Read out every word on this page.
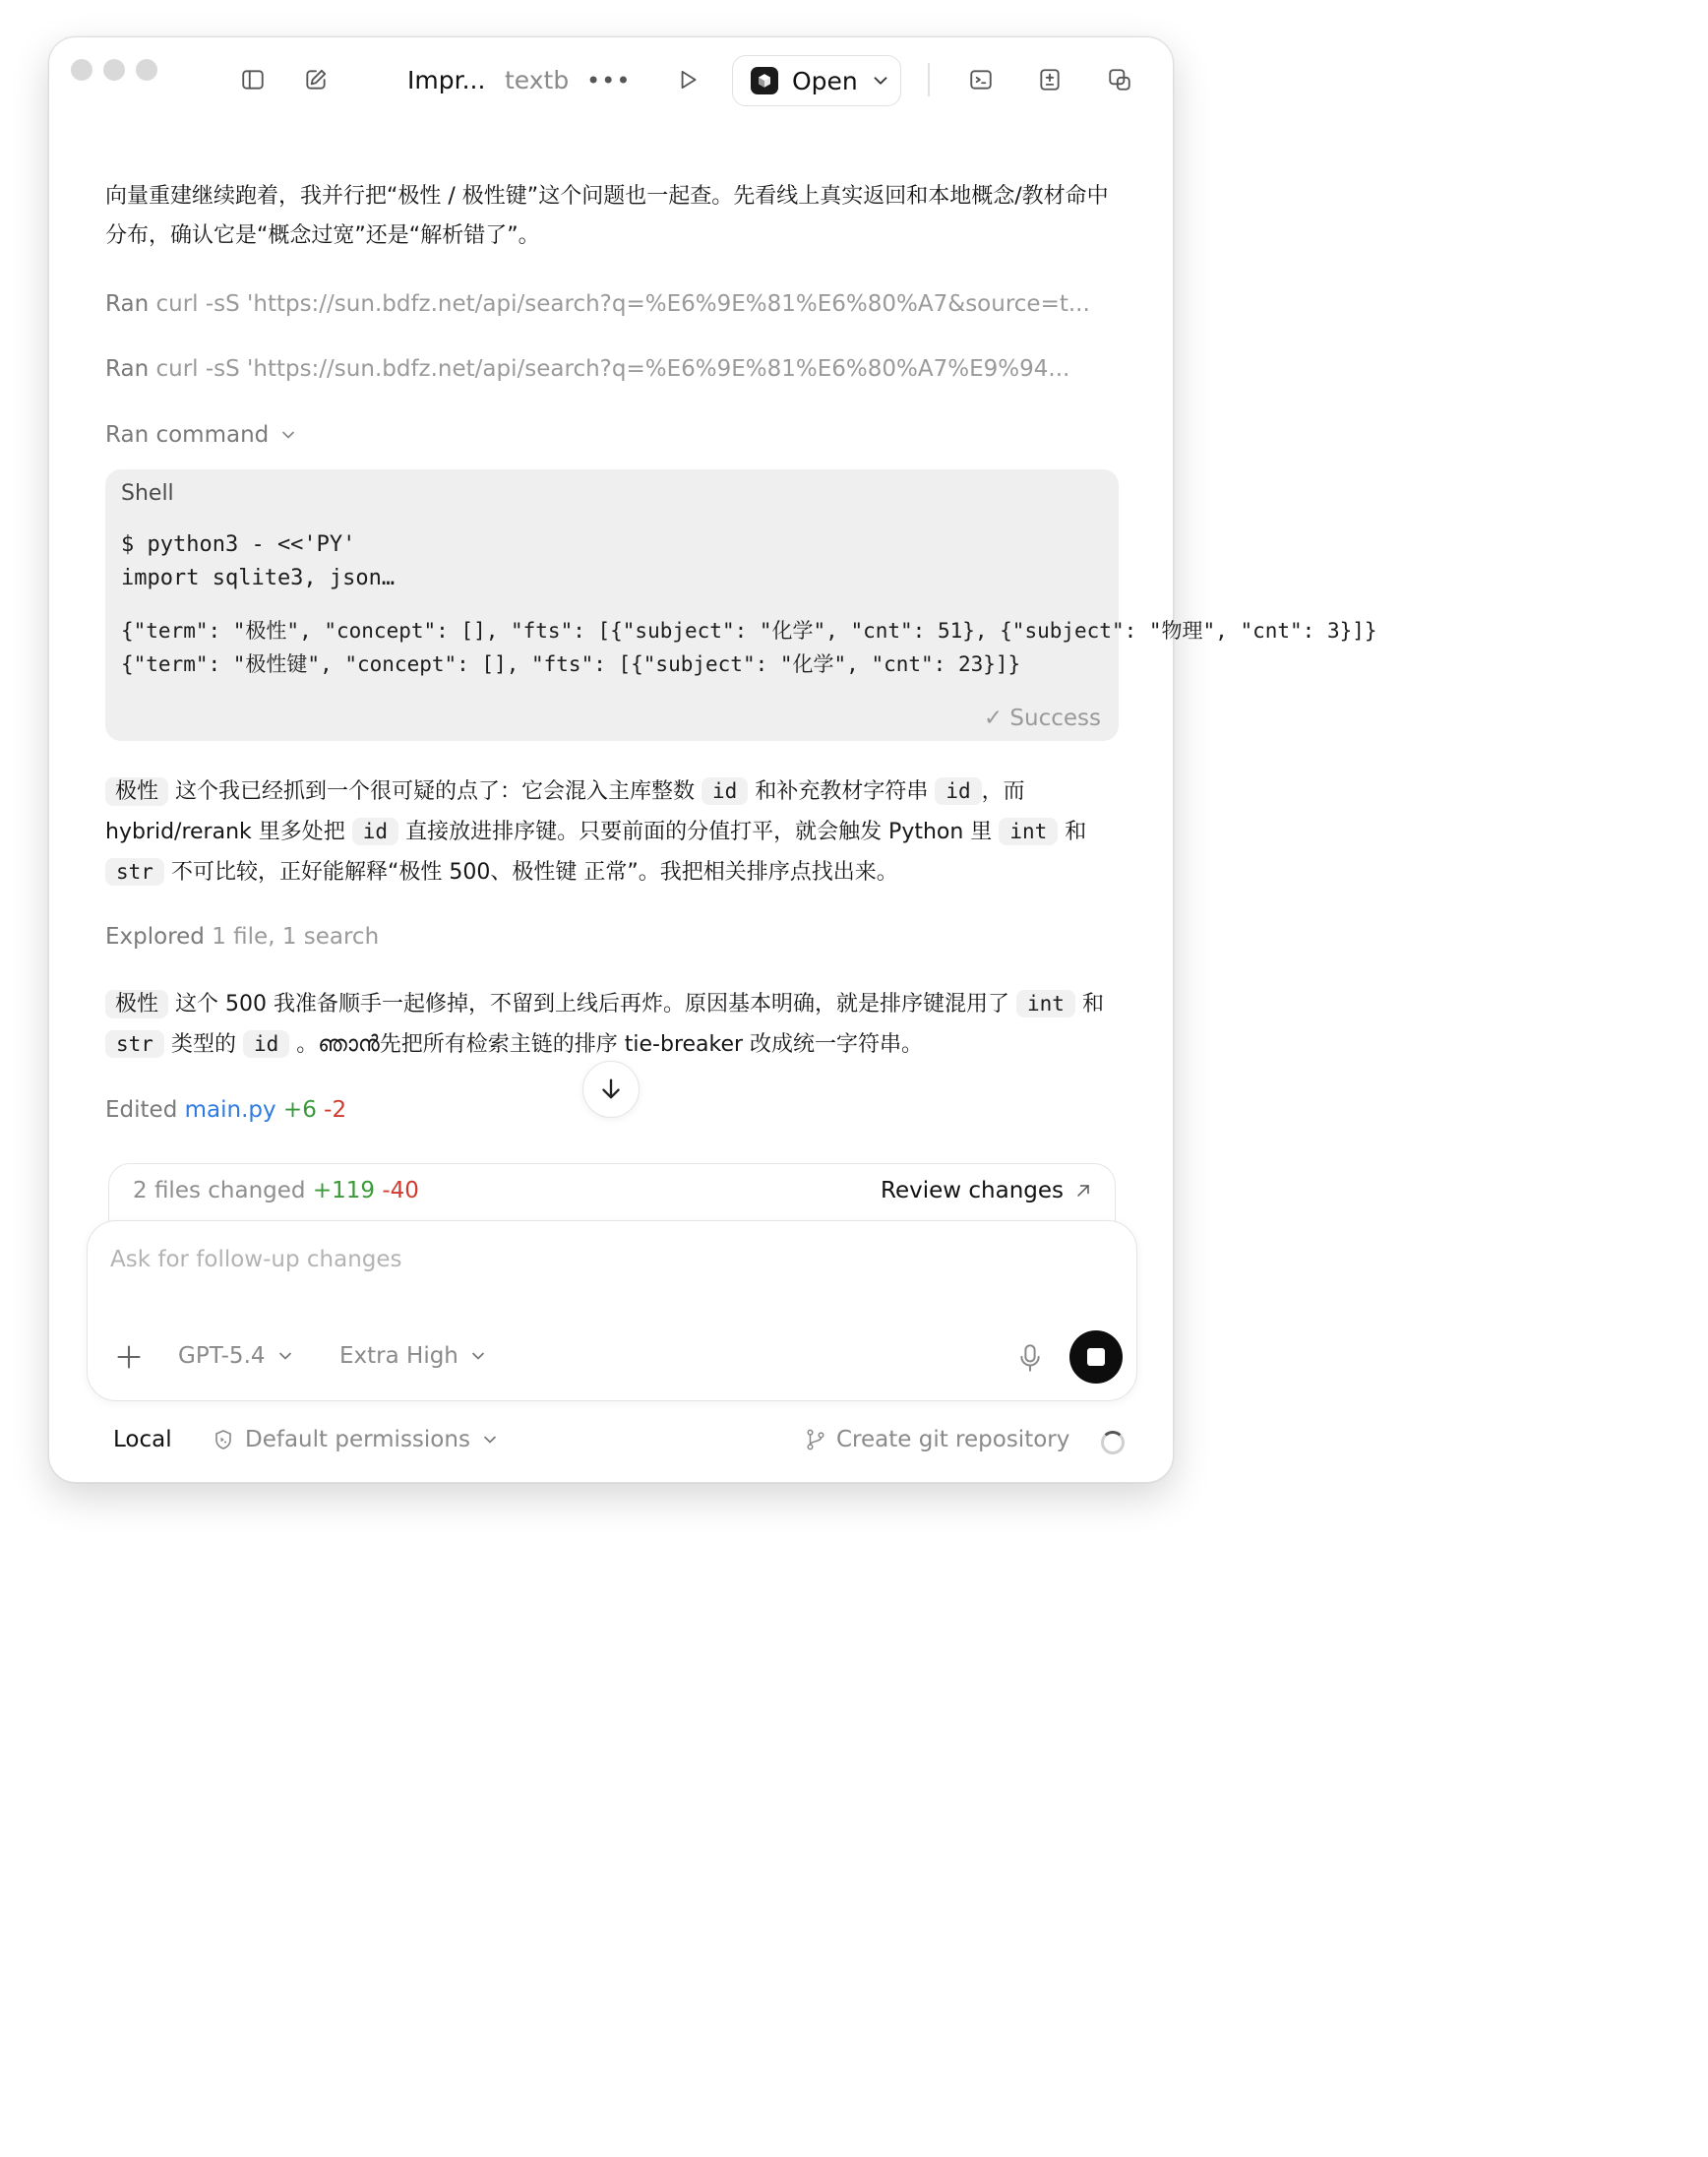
Impr... textb •••	Open

向量重建继续跑着，我并行把“极性 / 极性键”这个问题也一起查。先看线上真实返回和本地概念/教材命中分布，确认它是“概念过宽”还是“解析错了”。

Ran curl -sS 'https://sun.bdfz.net/api/search?q=%E6%9E%81%E6%80%A7&source=t...
Ran curl -sS 'https://sun.bdfz.net/api/search?q=%E6%9E%81%E6%80%A7%E9%94...
Ran command
Shell
$ python3 - <<'PY'
import sqlite3, json…
{"term": "极性", "concept": [], "fts": [{"subject": "化学", "cnt": 51}, {"subject": "物理", "cnt": 3}]}
{"term": "极性键", "concept": [], "fts": [{"subject": "化学", "cnt": 23}]}
✓ Success

极性 这个我已经抓到一个很可疑的点了：它会混入主库整数 id 和补充教材字符串 id ，而 hybrid/rerank 里多处把 id 直接放进排序键。只要前面的分值打平，就会触发 Python 里 int 和 str 不可比较，正好能解释“极性 500、极性键 正常”。我把相关排序点找出来。

Explored 1 file, 1 search

极性 这个 500 我准备顺手一起修掉，不留到上线后再炸。原因基本明确，就是排序键混用了 int 和 str 类型的 id 。ഞാൻ先把所有检索主链的排序 tie-breaker 改成统一字符串。

Edited main.py +6 -2
2 files changed +119 -40	Review changes
Ask for follow-up changes
GPT-5.4	Extra High
Local	Default permissions	Create git repository
